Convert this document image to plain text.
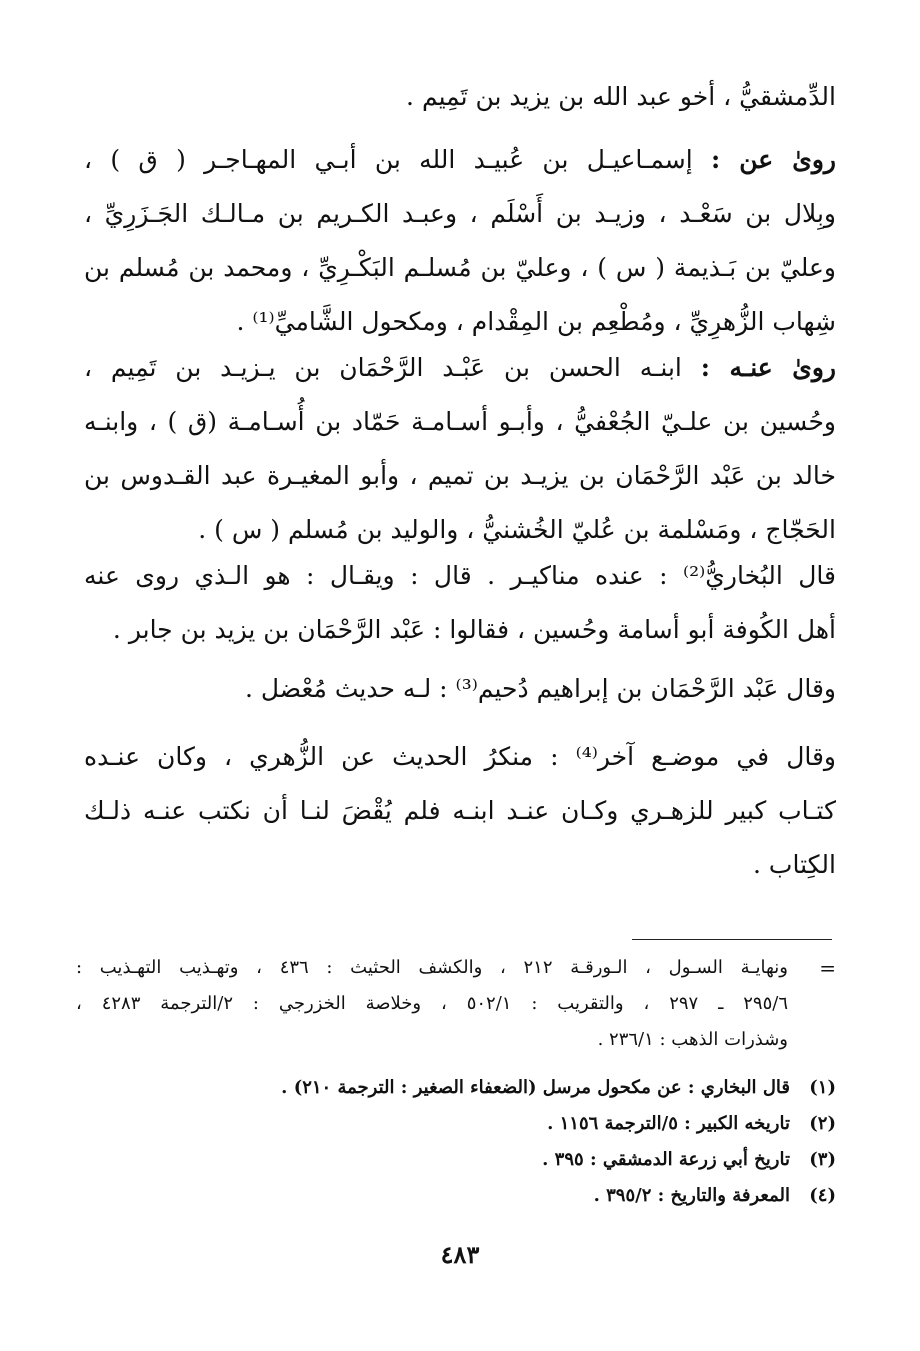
الدِّمشقيُّ ، أخو عبد الله بن يزيد بن تَمِيم .
روىٰ عن : إسمـاعيـل بن عُبيـد الله بن أبـي المهـاجـر ( ق ) ،
وبِلال بن سَعْـد ، وزيـد بن أَسْلَم ، وعبـد الكـريم بن مـالـك الجَـزَرِيِّ ،
وعليّ بن بَـذيمة ( س ) ، وعليّ بن مُسلـم البَكْـرِيِّ ، ومحمد بن مُسلم بن
شِهاب الزُّهرِيِّ ، ومُطْعِم بن المِقْدام ، ومكحول الشَّاميِّ⁽¹⁾ .
روىٰ عنـه : ابنـه الحسن بن عَبْـد الرَّحْمَان بن يـزيـد بن تَمِيم ،
وحُسين بن علـيّ الجُعْفيُّ ، وأبـو أسـامـة حَمّاد بن أُسـامـة (ق ) ، وابنـه
خالد بن عَبْد الرَّحْمَان بن يزيـد بن تميم ، وأبو المغيـرة عبد القـدوس بن
الحَجّاج ، ومَسْلمة بن عُليّ الخُشنيُّ ، والوليد بن مُسلم ( س ) .
قال البُخاريُّ⁽²⁾ : عنده مناكيـر . قال : ويقـال : هو الـذي روى عنه
أهل الكُوفة أبو أسامة وحُسين ، فقالوا : عَبْد الرَّحْمَان بن يزيد بن جابر .
وقال عَبْد الرَّحْمَان بن إبراهيم دُحيم⁽³⁾ : لـه حديث مُعْضل .
وقال في موضـع آخر⁽⁴⁾ : منكرُ الحديث عن الزُّهري ، وكان عنـده
كتـاب كبير للزهـري وكـان عنـد ابنـه فلم يُقْضَ لنـا أن نكتب عنـه ذلـك
الكِتاب .
=
ونهايـة السـول ، الـورقـة ٢١٢ ، والكشف الحثيث : ٤٣٦ ، وتهـذيب التهـذيب :
٢٩٥/٦ ـ ٢٩٧ ، والتقريب : ٥٠٢/١ ، وخلاصة الخزرجي : ٢/الترجمة ٤٢٨٣ ،
وشذرات الذهب : ٢٣٦/١ .
(١)قال البخاري : عن مكحول مرسل (الضعفاء الصغير : الترجمة ٢١٠) .
(٢)تاريخه الكبير : ٥/الترجمة ١١٥٦ .
(٣)تاريخ أبي زرعة الدمشقي : ٣٩٥ .
(٤)المعرفة والتاريخ : ٣٩٥/٢ .
٤٨٣
